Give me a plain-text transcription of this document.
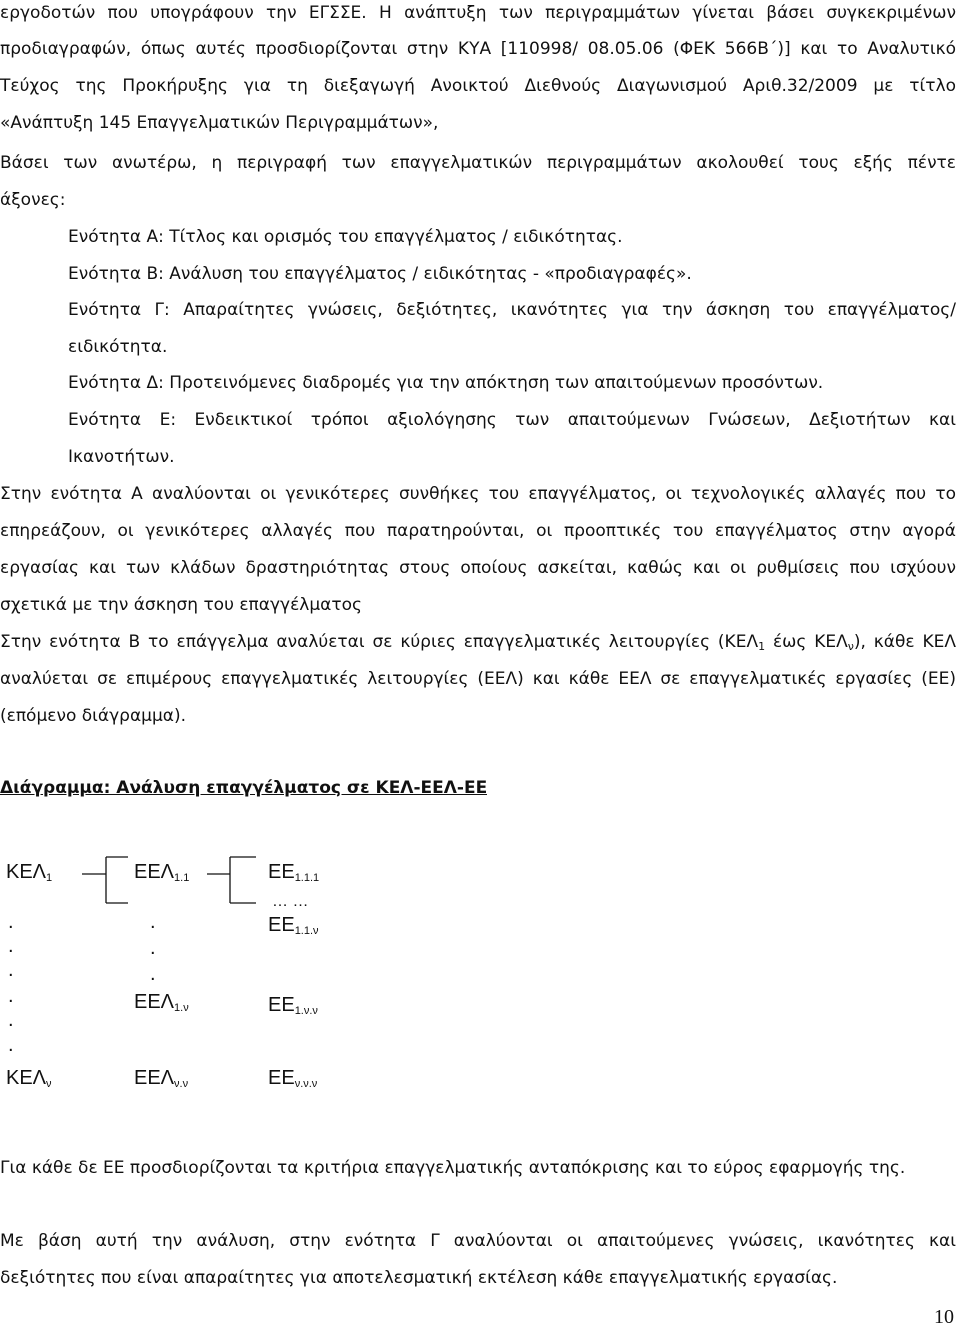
εργοδοτών που υπογράφουν την ΕΓΣΣΕ. Η ανάπτυξη των περιγραμμάτων γίνεται βάσει συγκεκριμένων
προδιαγραφών, όπως αυτές προσδιορίζονται στην ΚΥΑ [110998/ 08.05.06 (ΦΕΚ 566Β΄)] και το Αναλυτικό
Τεύχος της Προκήρυξης για τη διεξαγωγή Ανοικτού Διεθνούς Διαγωνισμού Αριθ.32/2009 με τίτλο
«Ανάπτυξη 145 Επαγγελματικών Περιγραμμάτων»,
Βάσει των ανωτέρω, η περιγραφή των επαγγελματικών περιγραμμάτων ακολουθεί τους εξής πέντε
άξονες:
Ενότητα Α: Τίτλος και ορισμός του επαγγέλματος / ειδικότητας.
Ενότητα Β: Ανάλυση του επαγγέλματος / ειδικότητας - «προδιαγραφές».
Ενότητα Γ: Απαραίτητες γνώσεις, δεξιότητες, ικανότητες για την άσκηση του επαγγέλματος/
ειδικότητα.
Ενότητα Δ: Προτεινόμενες διαδρομές για την απόκτηση των απαιτούμενων προσόντων.
Ενότητα Ε: Ενδεικτικοί τρόποι αξιολόγησης των απαιτούμενων Γνώσεων, Δεξιοτήτων και
Ικανοτήτων.
Στην ενότητα Α αναλύονται οι γενικότερες συνθήκες του επαγγέλματος, οι τεχνολογικές αλλαγές που το
επηρεάζουν, οι γενικότερες αλλαγές που παρατηρούνται, οι προοπτικές του επαγγέλματος στην αγορά
εργασίας και των κλάδων δραστηριότητας στους οποίους ασκείται, καθώς και οι ρυθμίσεις που ισχύουν
σχετικά με την άσκηση του επαγγέλματος
Στην ενότητα Β το επάγγελμα αναλύεται σε κύριες επαγγελματικές λειτουργίες ($KE\Lambda_1$ έως $KE\Lambda_\nu$), κάθε ΚΕΛ
αναλύεται σε επιμέρους επαγγελματικές λειτουργίες (ΕΕΛ) και κάθε ΕΕΛ σε επαγγελματικές εργασίες (ΕΕ)
(επόμενο διάγραμμα).
Διάγραμμα: Ανάλυση επαγγέλματος σε ΚΕΛ-ΕΕΛ-ΕΕ
$KE\Lambda_1$	$EE\Lambda_{1.1}$	$EE_{1.1.1}$
… …
$EE_{1.1.\nu}$
$EE\Lambda_{1.\nu}$	$EE_{1.\nu.\nu}$
$KE\Lambda_\nu$	$EE\Lambda_{\nu.\nu}$	$EE_{\nu.\nu.\nu}$
.
.
.
.
.
.
.
.
.
Για κάθε δε ΕΕ προσδιορίζονται τα κριτήρια επαγγελματικής ανταπόκρισης και το εύρος εφαρμογής της.
Με βάση αυτή την ανάλυση, στην ενότητα Γ αναλύονται οι απαιτούμενες γνώσεις, ικανότητες και
δεξιότητες που είναι απαραίτητες για αποτελεσματική εκτέλεση κάθε επαγγελματικής εργασίας.
10
